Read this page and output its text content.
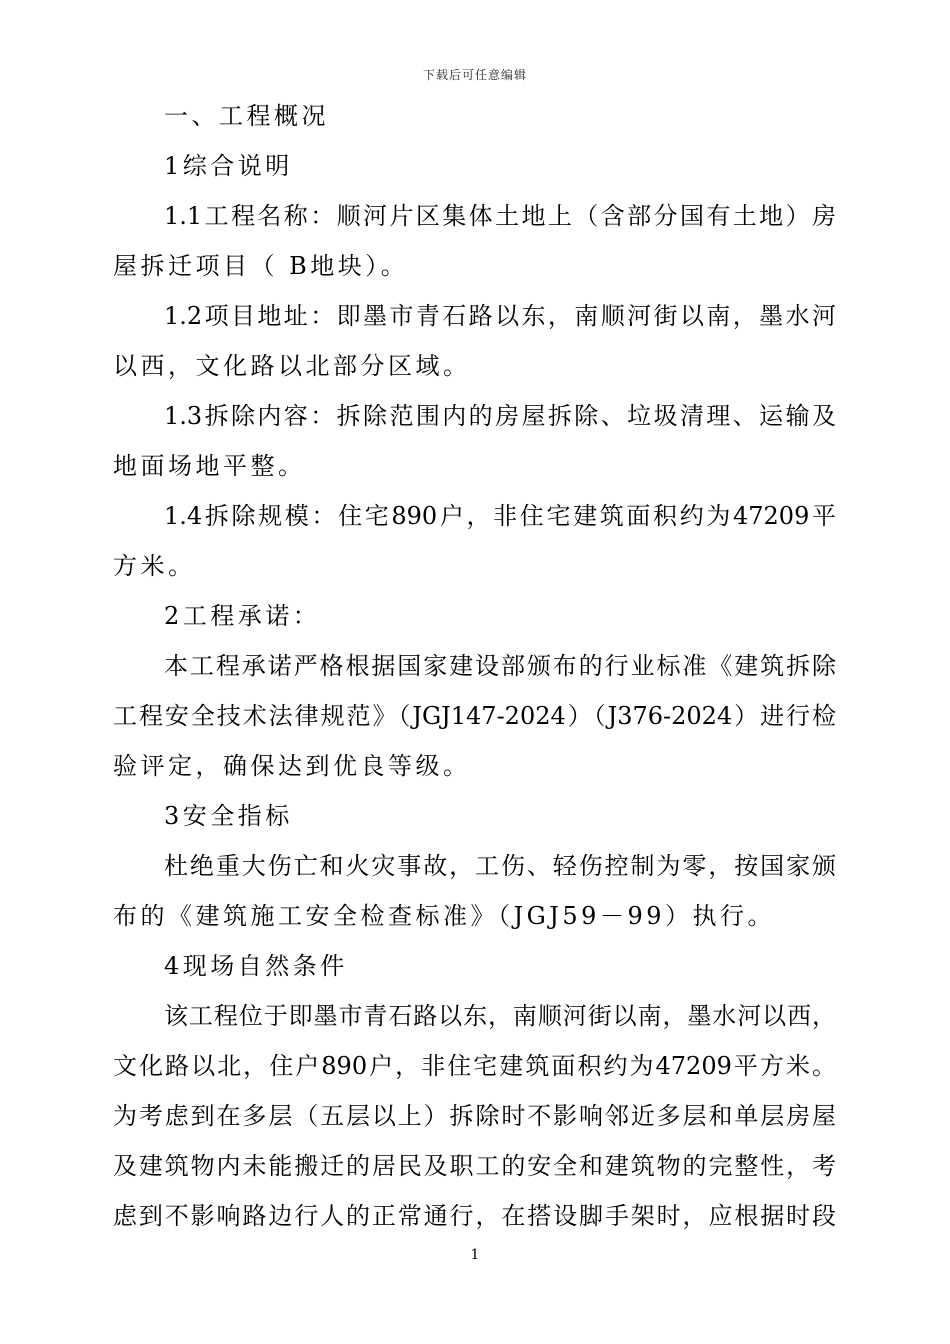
下载后可任意编辑
一、工程概况
1综合说明
1.1工程名称：顺河片区集体土地上（含部分国有土地）房
屋拆迁项目（ B地块）。
1.2项目地址：即墨市青石路以东，南顺河街以南，墨水河
以西，文化路以北部分区域。
1.3拆除内容：拆除范围内的房屋拆除、垃圾清理、运输及
地面场地平整。
1.4拆除规模：住宅890户，非住宅建筑面积约为47209平
方米。
2工程承诺：
本工程承诺严格根据国家建设部颁布的行业标准《建筑拆除
工程安全技术法律规范》（JGJ147-2024）（J376-2024）进行检
验评定，确保达到优良等级。
3安全指标
杜绝重大伤亡和火灾事故，工伤、轻伤控制为零，按国家颁
布的《建筑施工安全检查标准》（JGJ59－99）执行。
4现场自然条件
该工程位于即墨市青石路以东，南顺河街以南，墨水河以西，
文化路以北，住户890户，非住宅建筑面积约为47209平方米。
为考虑到在多层（五层以上）拆除时不影响邻近多层和单层房屋
及建筑物内未能搬迁的居民及职工的安全和建筑物的完整性，考
虑到不影响路边行人的正常通行，在搭设脚手架时，应根据时段
1
